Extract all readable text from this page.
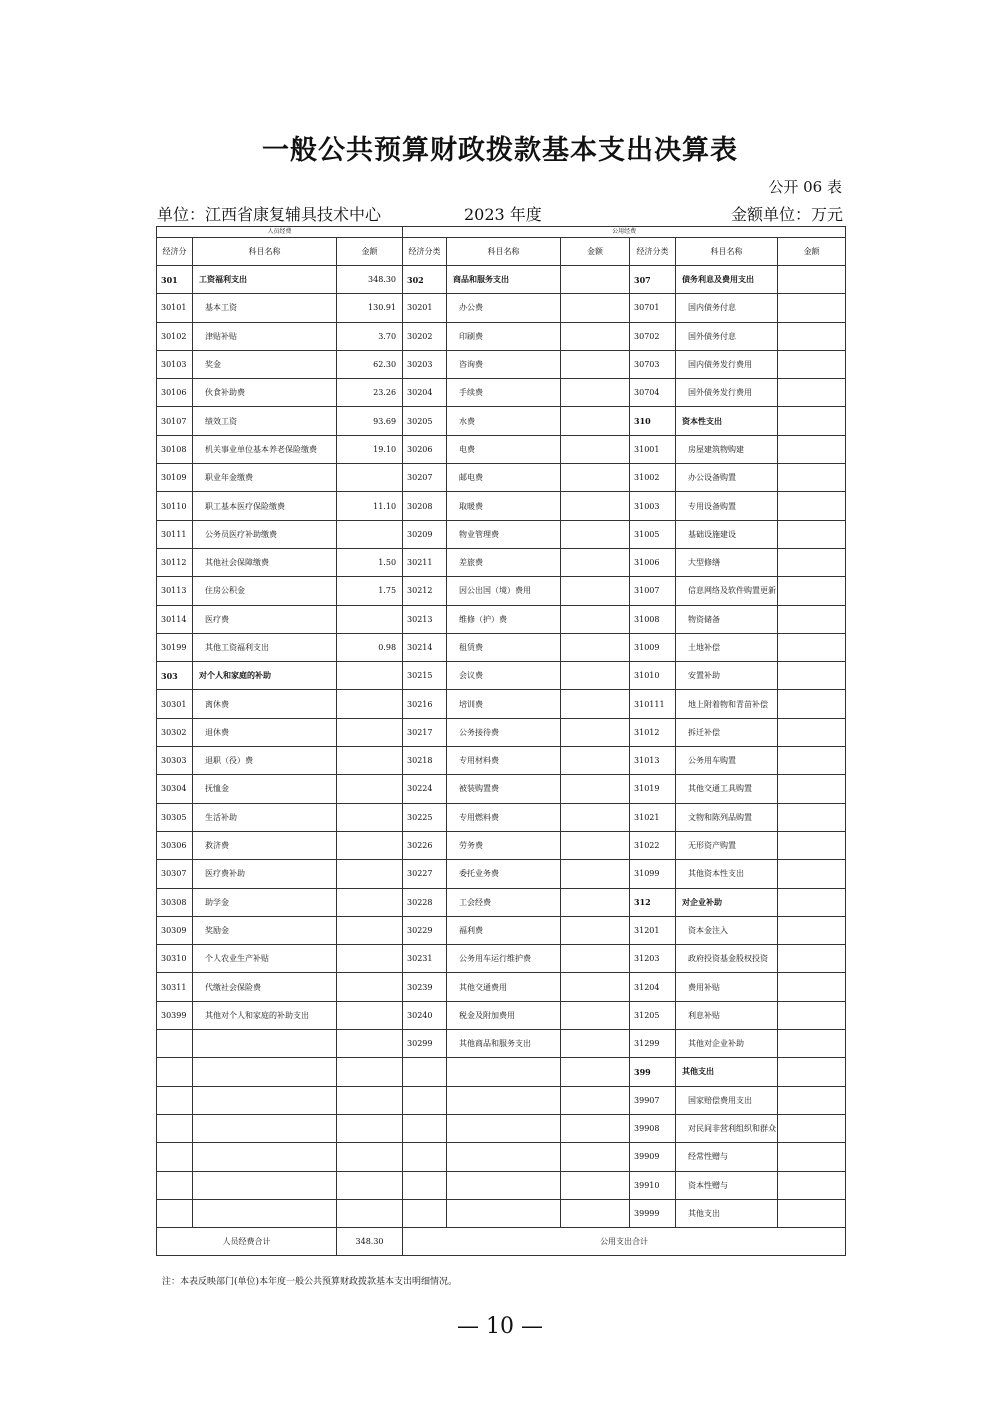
一般公共预算财政拨款基本支出决算表
公开 06 表
单位：江西省康复辅具技术中心	2023 年度	金额单位：万元
人员经费			公用经费					
经济分	科目名称	金额	经济分类	科目名称	金额	经济分类	科目名称	金额
301	工资福利支出	348.30	302	商品和服务支出		307	债务利息及费用支出	
30101	基本工资	130.91	30201	办公费		30701	国内债务付息	
30102	津贴补贴	3.70	30202	印刷费		30702	国外债务付息	
30103	奖金	62.30	30203	咨询费		30703	国内债务发行费用	
30106	伙食补助费	23.26	30204	手续费		30704	国外债务发行费用	
30107	绩效工资	93.69	30205	水费		310	资本性支出	
30108	机关事业单位基本养老保险缴费	19.10	30206	电费		31001	房屋建筑物购建	
30109	职业年金缴费		30207	邮电费		31002	办公设备购置	
30110	职工基本医疗保险缴费	11.10	30208	取暖费		31003	专用设备购置	
30111	公务员医疗补助缴费		30209	物业管理费		31005	基础设施建设	
30112	其他社会保障缴费	1.50	30211	差旅费		31006	大型修缮	
30113	住房公积金	1.75	30212	因公出国（境）费用		31007	信息网络及软件购置更新	
30114	医疗费		30213	维修（护）费		31008	物资储备	
30199	其他工资福利支出	0.98	30214	租赁费		31009	土地补偿	
303	对个人和家庭的补助		30215	会议费		31010	安置补助	
30301	离休费		30216	培训费		310111	地上附着物和青苗补偿	
30302	退休费		30217	公务接待费		31012	拆迁补偿	
30303	退职（役）费		30218	专用材料费		31013	公务用车购置	
30304	抚恤金		30224	被装购置费		31019	其他交通工具购置	
30305	生活补助		30225	专用燃料费		31021	文物和陈列品购置	
30306	救济费		30226	劳务费		31022	无形资产购置	
30307	医疗费补助		30227	委托业务费		31099	其他资本性支出	
30308	助学金		30228	工会经费		312	对企业补助	
30309	奖励金		30229	福利费		31201	资本金注入	
30310	个人农业生产补贴		30231	公务用车运行维护费		31203	政府投资基金股权投资	
30311	代缴社会保险费		30239	其他交通费用		31204	费用补贴	
30399	其他对个人和家庭的补助支出		30240	税金及附加费用		31205	利息补贴	
			30299	其他商品和服务支出		31299	其他对企业补助	
						399	其他支出	
						39907	国家赔偿费用支出	
						39908	对民间非营利组织和群众	
						39909	经常性赠与	
						39910	资本性赠与	
						39999	其他支出	
人员经费合计		348.30	公用支出合计					
注：本表反映部门(单位)本年度一般公共预算财政拨款基本支出明细情况。
— 10 —
